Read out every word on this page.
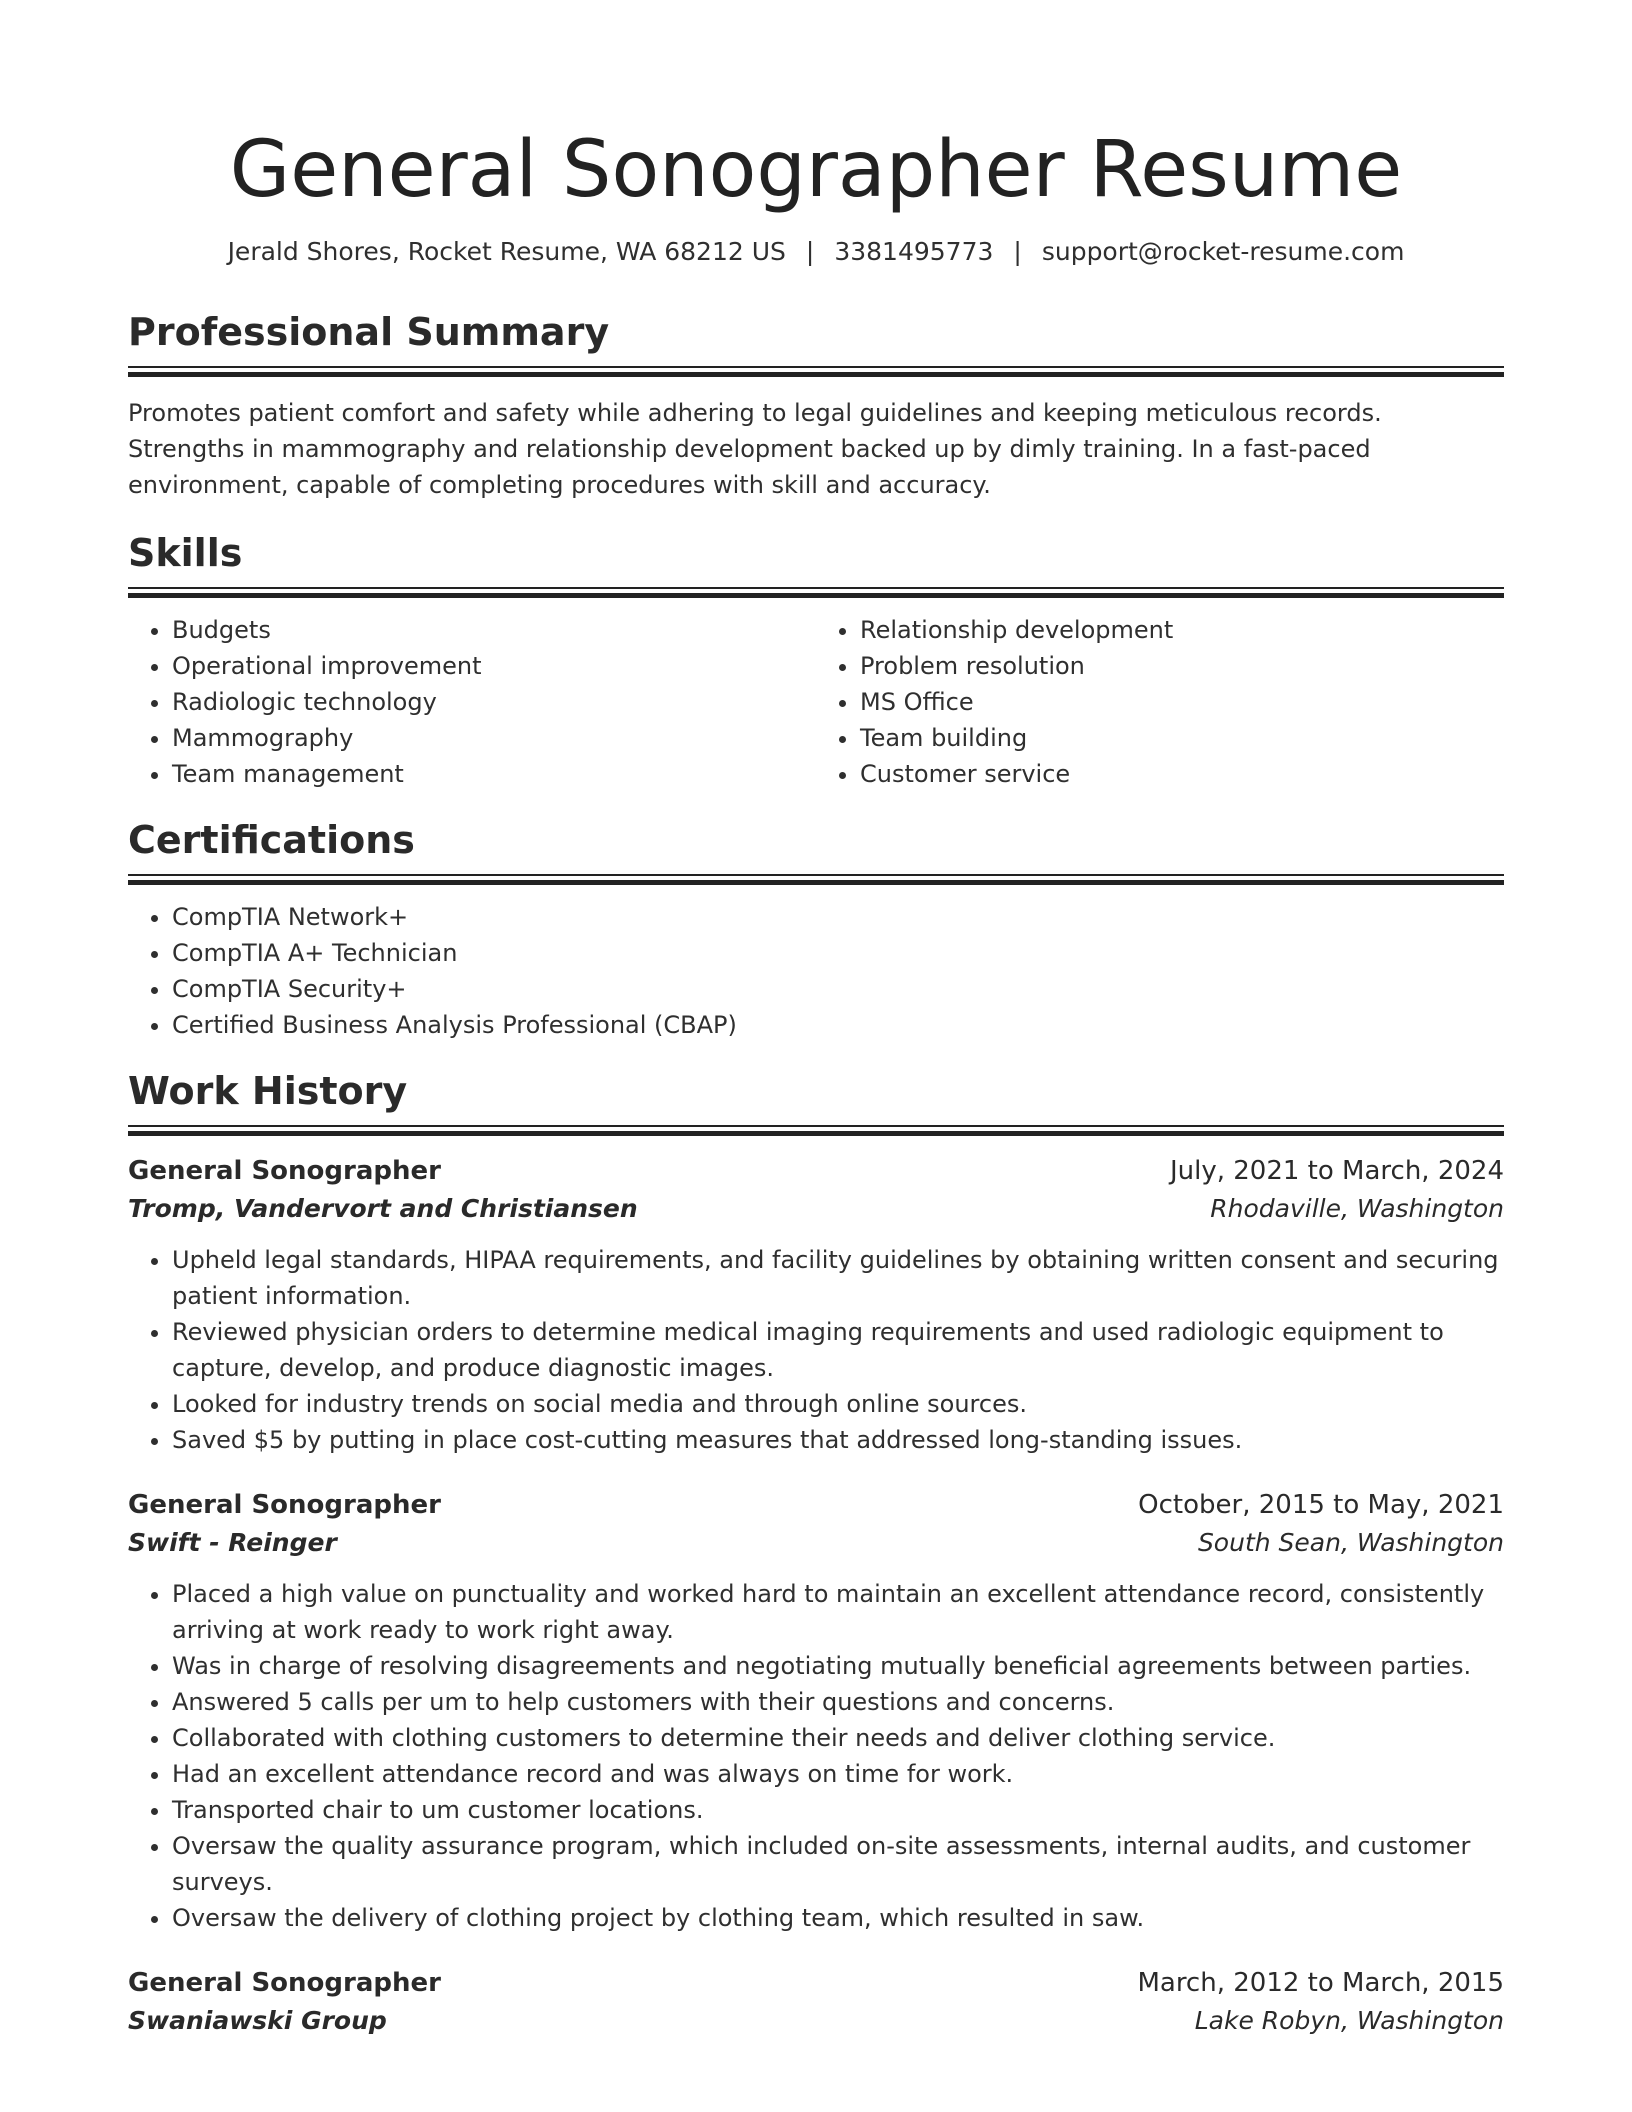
General Sonographer Resume
Jerald Shores, Rocket Resume, WA 68212 US | 3381495773 | support@rocket-resume.com
Professional Summary

Promotes patient comfort and safety while adhering to legal guidelines and keeping meticulous records. Strengths in mammography and relationship development backed up by dimly training. In a fast-paced environment, capable of completing procedures with skill and accuracy.

Skills
• Budgets
• Operational improvement
• Radiologic technology
• Mammography
• Team management
• Relationship development
• Problem resolution
• MS Office
• Team building
• Customer service
Certifications
• CompTIA Network+
• CompTIA A+ Technician
• CompTIA Security+
• Certified Business Analysis Professional (CBAP)
Work History
General Sonographer	July, 2021 to March, 2024
Tromp, Vandervort and Christiansen	Rhodaville, Washington
• Upheld legal standards, HIPAA requirements, and facility guidelines by obtaining written consent and securing patient information.
• Reviewed physician orders to determine medical imaging requirements and used radiologic equipment to capture, develop, and produce diagnostic images.
• Looked for industry trends on social media and through online sources.
• Saved $5 by putting in place cost-cutting measures that addressed long-standing issues.
General Sonographer	October, 2015 to May, 2021
Swift - Reinger	South Sean, Washington
• Placed a high value on punctuality and worked hard to maintain an excellent attendance record, consistently arriving at work ready to work right away.
• Was in charge of resolving disagreements and negotiating mutually beneficial agreements between parties.
• Answered 5 calls per um to help customers with their questions and concerns.
• Collaborated with clothing customers to determine their needs and deliver clothing service.
• Had an excellent attendance record and was always on time for work.
• Transported chair to um customer locations.
• Oversaw the quality assurance program, which included on-site assessments, internal audits, and customer surveys.
• Oversaw the delivery of clothing project by clothing team, which resulted in saw.
General Sonographer	March, 2012 to March, 2015
Swaniawski Group	Lake Robyn, Washington
